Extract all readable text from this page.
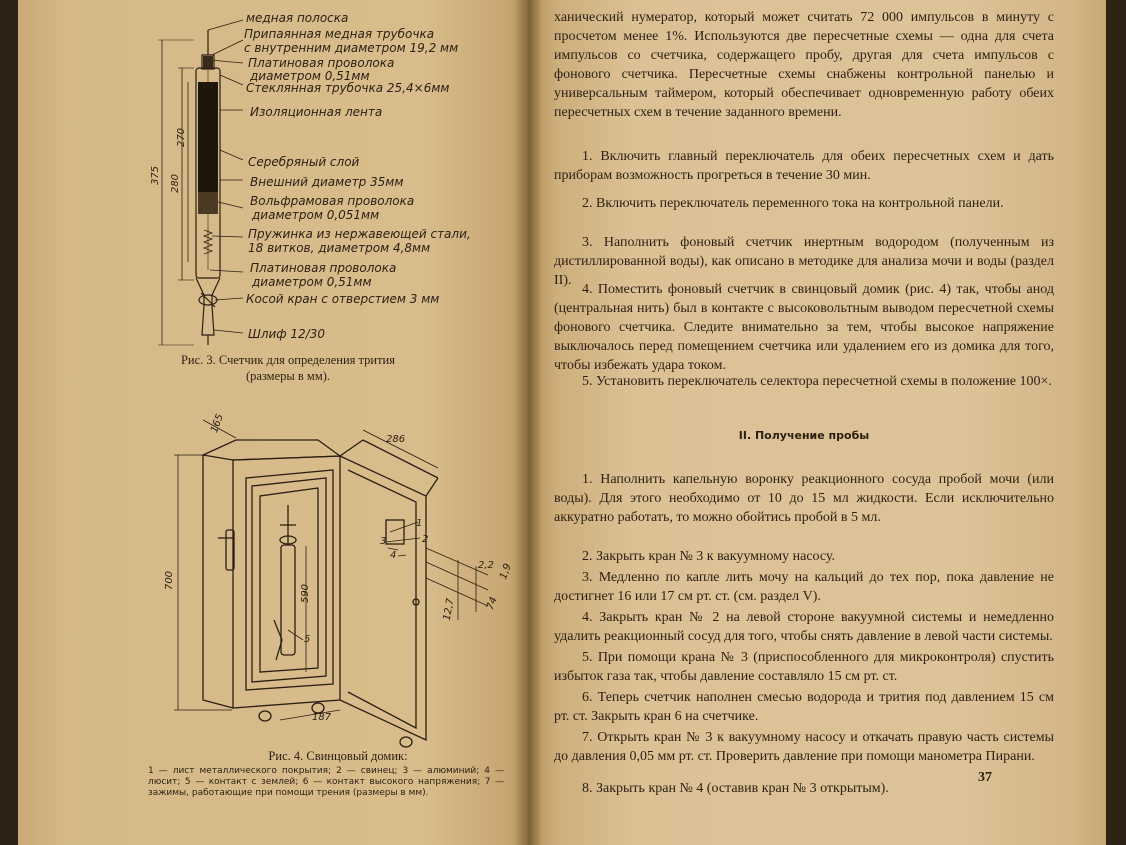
медная полоска
Припаянная медная трубочка
с внутренним диаметром 19,2 мм
Платиновая проволока
диаметром 0,51мм
Стеклянная трубочка 25,4×6мм
Изоляционная лента
Серебряный слой
Внешний диаметр 35мм
Вольфрамовая проволока
диаметром 0,051мм
Пружинка из нержавеющей стали,
18 витков, диаметром 4,8мм
Платиновая проволока
диаметром 0,51мм
Косой кран с отверстием 3 мм
Шлиф 12/30
375 280
270
Рис. 3. Счетчик для определения трития
(размеры в мм).
165
286
700
590
187
1
2
3
4
5
2,2
12,7	74
1,9
Рис. 4. Свинцовый домик:
1 — лист металлического покрытия; 2 — свинец; 3 — алюминий; 4 — люсит; 5 — контакт с землей; 6 — контакт высокого напряжения; 7 — зажимы, работающие при помощи трения (размеры в мм).

ханический нумератор, который может считать 72 000 импульсов в минуту с просчетом менее 1%. Используются две пересчетные схемы — одна для счета импульсов со счетчика, содержащего пробу, другая для счета импульсов с фонового счетчика. Пересчетные схемы снабжены контрольной панелью и универсальным таймером, который обеспечивает одновременную работу обеих пересчетных схем в течение заданного времени.

1. Включить главный переключатель для обеих пересчетных схем и дать приборам возможность прогреться в течение 30 мин.

2. Включить переключатель переменного тока на контрольной панели.

3. Наполнить фоновый счетчик инертным водородом (полученным из дистиллированной воды), как описано в методике для анализа мочи и воды (раздел II).

4. Поместить фоновый счетчик в свинцовый домик (рис. 4) так, чтобы анод (центральная нить) был в контакте с высоковольтным выводом пересчетной схемы фонового счетчика. Следите внимательно за тем, чтобы высокое напряжение выключалось перед помещением счетчика или удалением его из домика для того, чтобы избежать удара током.

5. Установить переключатель селектора пересчетной схемы в положение 100×.

II. Получение пробы

1. Наполнить капельную воронку реакционного сосуда пробой мочи (или воды). Для этого необходимо от 10 до 15 мл жидкости. Если исключительно аккуратно работать, то можно обойтись пробой в 5 мл.

2. Закрыть кран № 3 к вакуумному насосу.

3. Медленно по капле лить мочу на кальций до тех пор, пока давление не достигнет 16 или 17 см рт. ст. (см. раздел V).

4. Закрыть кран № 2 на левой стороне вакуумной системы и немедленно удалить реакционный сосуд для того, чтобы снять давление в левой части системы.

5. При помощи крана № 3 (приспособленного для микроконтроля) спустить избыток газа так, чтобы давление составляло 15 см рт. ст.

6. Теперь счетчик наполнен смесью водорода и трития под давлением 15 см рт. ст. Закрыть кран 6 на счетчике.

7. Открыть кран № 3 к вакуумному насосу и откачать правую часть системы до давления 0,05 мм рт. ст. Проверить давление при помощи манометра Пирани.

8. Закрыть кран № 4 (оставив кран № 3 открытым).

37
